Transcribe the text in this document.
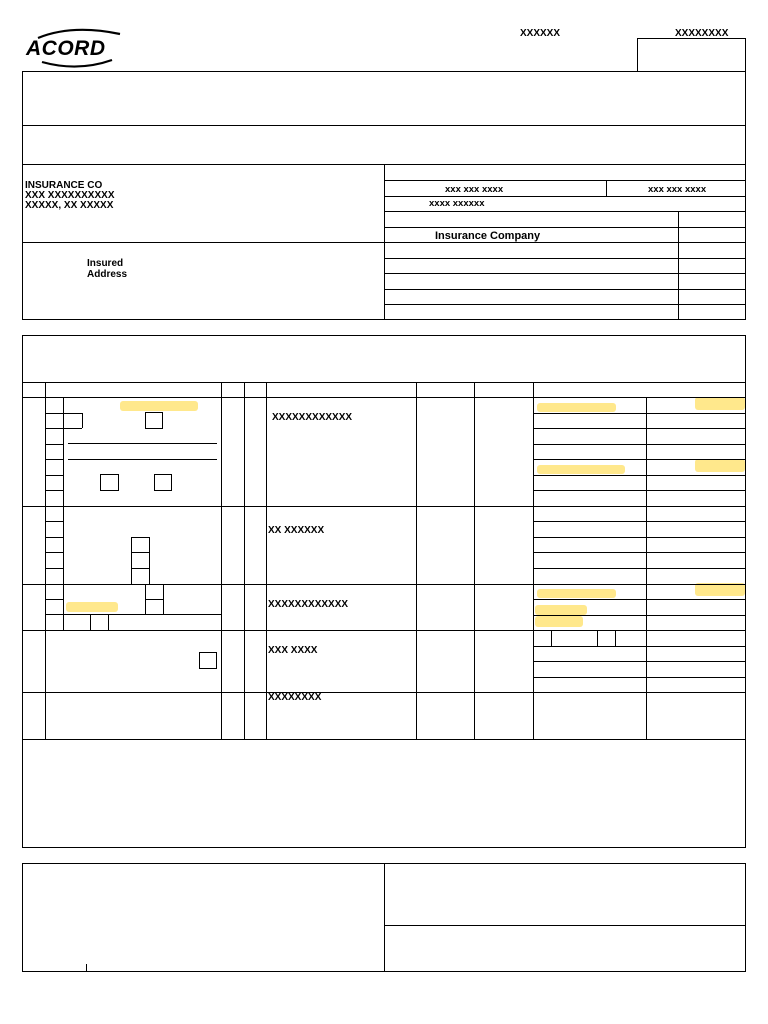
ACORD
XXXXXX	XXXXXXXX
INSURANCE CO
XXX XXXXXXXXXX
XXXXX, XX XXXXX
xxx xxx xxxx	xxx xxx xxxx
xxxx xxxxxx
Insurance Company
Insured
Address
XXXXXXXXXXXX
XX XXXXXX
XXXXXXXXXXXX
XXX XXXX
XXXXXXXX
